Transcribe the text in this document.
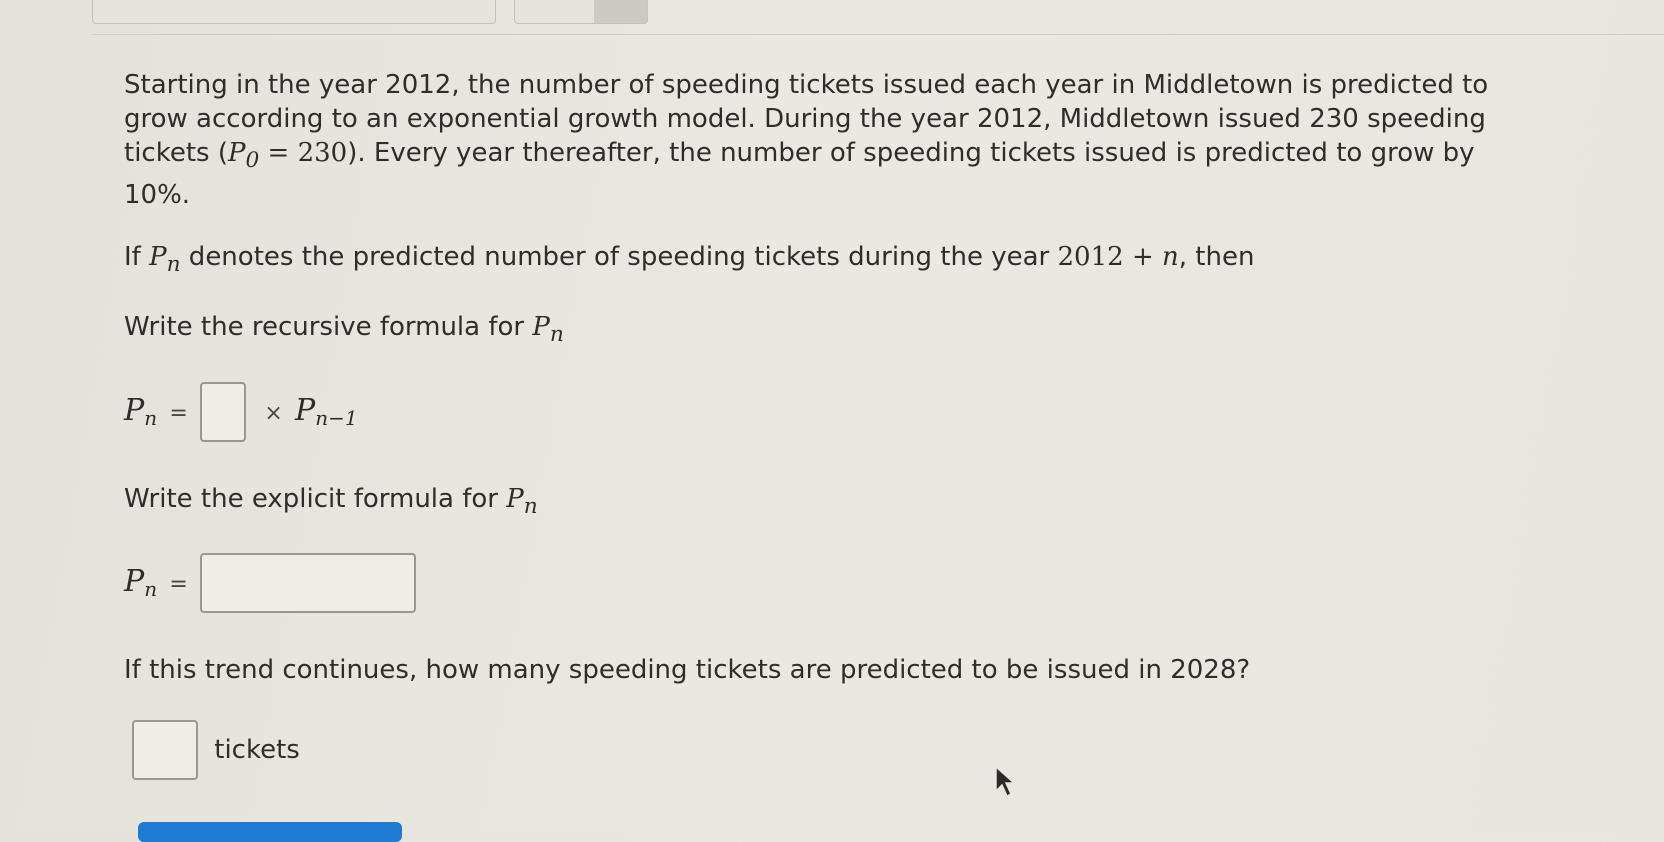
Starting in the year 2012, the number of speeding tickets issued each year in Middletown is predicted to grow according to an exponential growth model. During the year 2012, Middletown issued 230 speeding tickets $(P_0 = 230)$. Every year thereafter, the number of speeding tickets issued is predicted to grow by 10%.
If $P_n$ denotes the predicted number of speeding tickets during the year 2012 + n, then
Write the recursive formula for $P_n$
$P_n$ =	× $P_{n-1}$
Write the explicit formula for $P_n$
$P_n$ =
If this trend continues, how many speeding tickets are predicted to be issued in 2028?
tickets
